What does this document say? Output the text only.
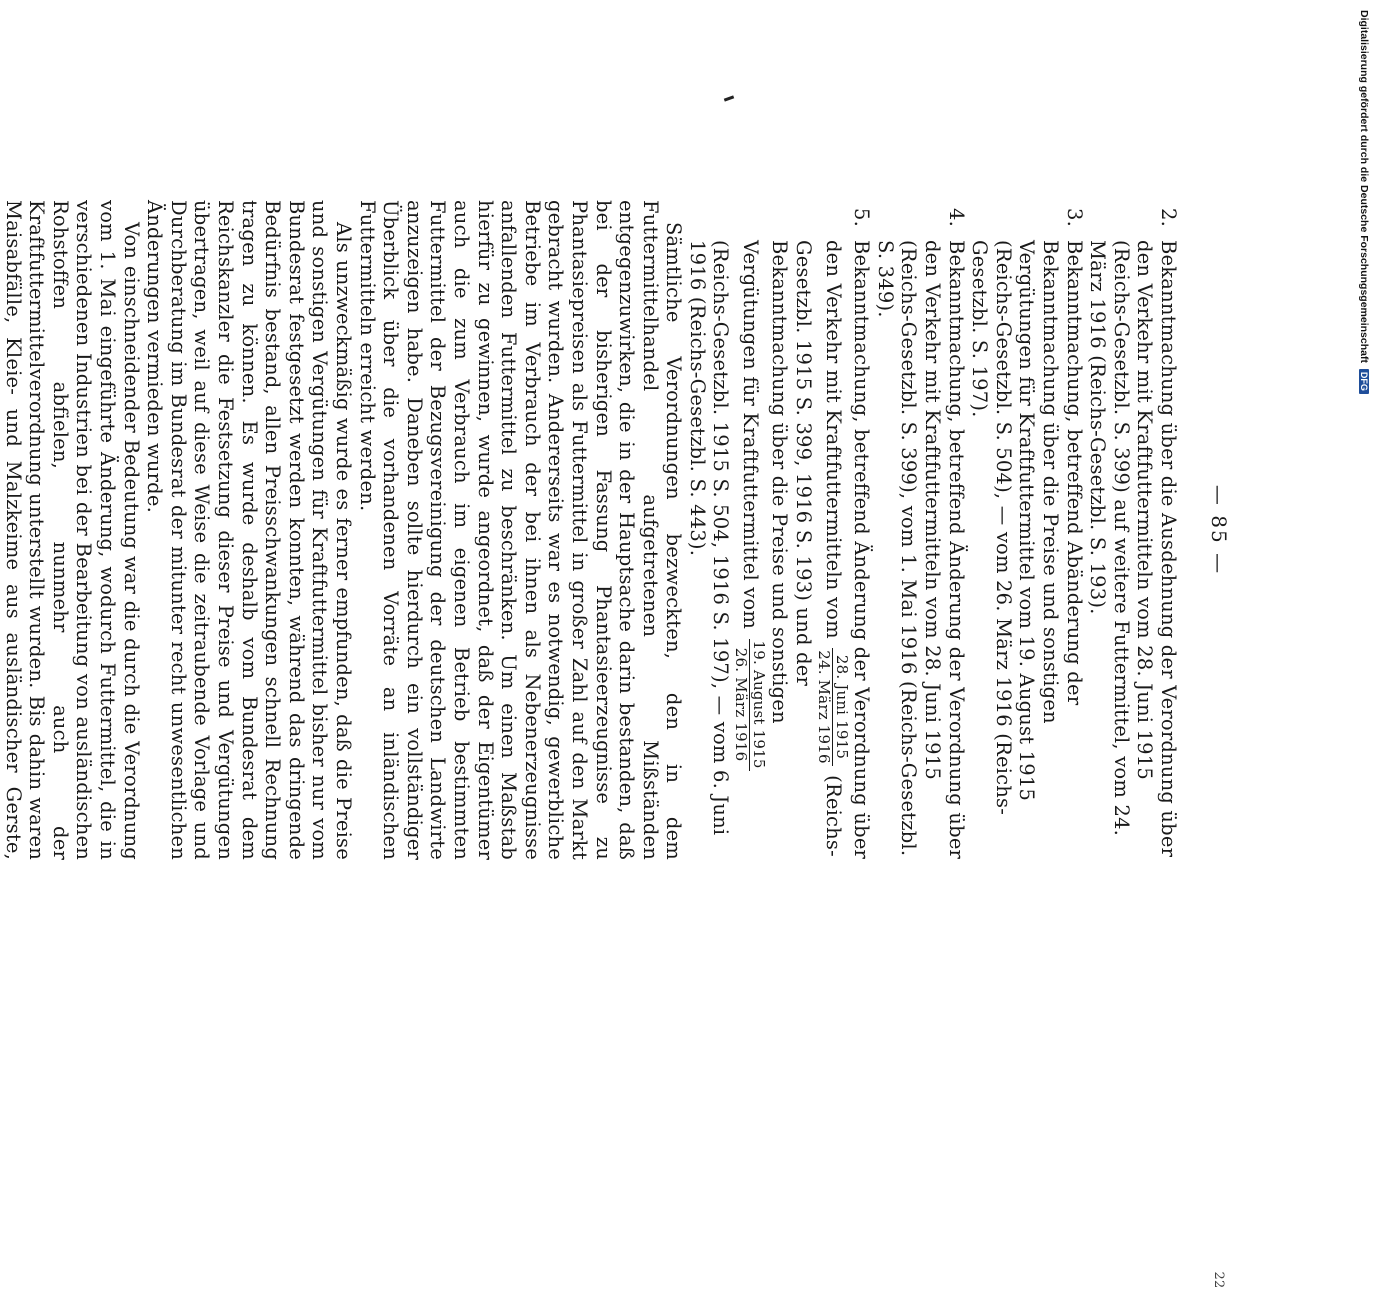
— 85 —
2.
Bekanntmachung über die Ausdehnung der Verordnung über den Verkehr mit Kraftfuttermitteln vom 28. Juni 1915 (Reichs-Gesetzbl. S. 399) auf weitere Futtermittel, vom 24. März 1916 (Reichs-Gesetzbl. S. 193).
3.
Bekanntmachung, betreffend Abänderung der Bekanntmachung über die Preise und sonstigen Vergütungen für Kraftfuttermittel vom 19. August 1915 (Reichs-Gesetzbl. S. 504), — vom 26. März 1916 (Reichs-Gesetzbl. S. 197).
4.
Bekanntmachung, betreffend Änderung der Verordnung über den Verkehr mit Kraftfuttermitteln vom 28. Juni 1915 (Reichs-Gesetzbl. S. 399), vom 1. Mai 1916 (Reichs-Gesetzbl. S. 349).
5.
Bekanntmachung, betreffend Änderung der Verordnung über den Verkehr mit Kraftfuttermitteln vom
28. Juni 1915
24. März 1916
(Reichs-Gesetzbl. 1915 S. 399, 1916 S. 193) und der Bekanntmachung über die Preise und sonstigen Vergütungen für Kraftfuttermittel vom
19. August 1915
26. März 1916
(Reichs-Gesetzbl. 1915 S. 504, 1916 S. 197), — vom 6. Juni 1916 (Reichs-Gesetzbl. S. 443).

Sämtliche Verordnungen bezweckten, den in dem Futtermittelhandel aufgetretenen Mißständen entgegenzuwirken, die in der Hauptsache darin bestanden, daß bei der bisherigen Fassung Phantasieerzeugnisse zu Phantasiepreisen als Futtermittel in großer Zahl auf den Markt gebracht wurden. Andererseits war es notwendig, gewerbliche Betriebe im Verbrauch der bei ihnen als Nebenerzeugnisse anfallenden Futtermittel zu beschränken. Um einen Maßstab hierfür zu gewinnen, wurde angeordnet, daß der Eigentümer auch die zum Verbrauch im eigenen Betrieb bestimmten Futtermittel der Bezugsvereinigung der deutschen Landwirte anzuzeigen habe. Daneben sollte hierdurch ein vollständiger Überblick über die vorhandenen Vorräte an inländischen Futtermitteln erreicht werden.

Als unzweckmäßig wurde es ferner empfunden, daß die Preise und sonstigen Vergütungen für Kraftfuttermittel bisher nur vom Bundesrat festgesetzt werden konnten, während das dringende Bedürfnis bestand, allen Preisschwankungen schnell Rechnung tragen zu können. Es wurde deshalb vom Bundesrat dem Reichskanzler die Festsetzung dieser Preise und Vergütungen übertragen, weil auf diese Weise die zeitraubende Vorlage und Durchberatung im Bundesrat der mitunter recht unwesentlichen Änderungen vermieden wurde.

Von einschneidender Bedeutung war die durch die Verordnung vom 1. Mai eingeführte Änderung, wodurch Futtermittel, die in verschiedenen Industrien bei der Bearbeitung von ausländischen Rohstoffen abfielen, nunmehr auch der Kraftfuttermittelverordnung unterstellt wurden. Bis dahin waren Maisabfälle, Kleie- und Malzkeime aus ausländischer Gerste,

22
Digitalisierung gefördert durch die Deutsche Forschungsgemeinschaft DFG
